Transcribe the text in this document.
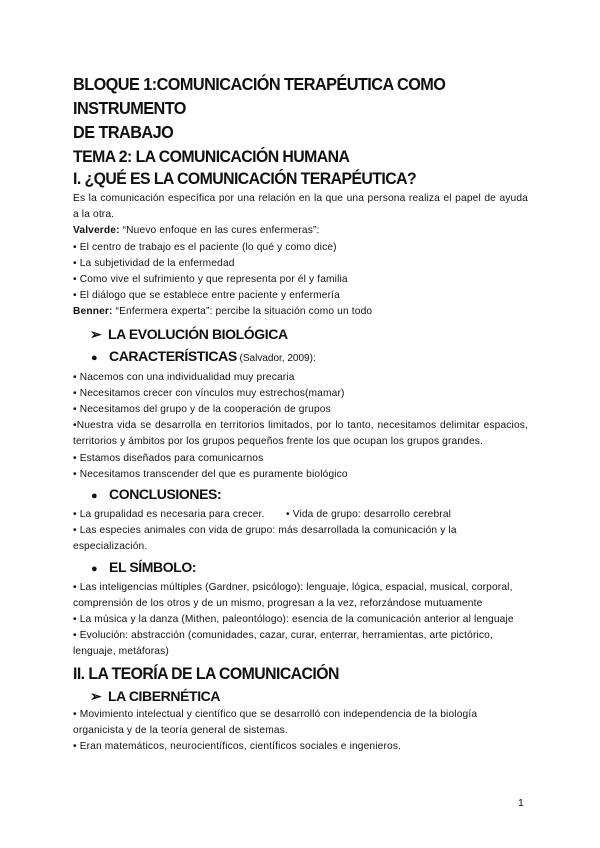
BLOQUE 1:COMUNICACIÓN TERAPÉUTICA COMO INSTRUMENTO
DE TRABAJO
TEMA 2: LA COMUNICACIÓN HUMANA
I. ¿QUÉ ES LA COMUNICACIÓN TERAPÉUTICA?

Es la comunicación específica por una relación en la que una persona realiza el papel de ayuda a la otra.

Valverde: “Nuevo enfoque en las cures enfermeras”:

• El centro de trabajo es el paciente (lo qué y como dice)

• La subjetividad de la enfermedad

• Como vive el sufrimiento y que representa por él y familia

• El diálogo que se establece entre paciente y enfermería

Benner: “Enfermera experta”: percibe la situación como un todo

➢ LA EVOLUCIÓN BIOLÓGICA

● CARACTERÍSTICAS (Salvador, 2009):

• Nacemos con una individualidad muy precaria

• Necesitamos crecer con vínculos muy estrechos(mamar)

• Necesitamos del grupo y de la cooperación de grupos

•Nuestra vida se desarrolla en territorios limitados, por lo tanto, necesitamos delimitar espacios, territorios y ámbitos por los grupos pequeños frente los que ocupan los grupos grandes.

• Estamos diseñados para comunicarnos

• Necesitamos transcender del que es puramente biológico

● CONCLUSIONES:

• La grupalidad es necesaria para crecer. • Vida de grupo: desarrollo cerebral

• Las especies animales con vida de grupo: más desarrollada la comunicación y la especialización.

● EL SÍMBOLO:

• Las inteligencias múltiples (Gardner, psicólogo): lenguaje, lógica, espacial, musical, corporal, comprensión de los otros y de un mismo, progresan a la vez, reforzándose mutuamente

• La música y la danza (Mithen, paleontólogo): esencia de la comunicación anterior al lenguaje

• Evolución: abstracción (comunidades, cazar, curar, enterrar, herramientas, arte pictórico, lenguaje, metáforas)

II. LA TEORÍA DE LA COMUNICACIÓN

➢ LA CIBERNÉTICA

• Movimiento intelectual y científico que se desarrolló con independencia de la biología organicista y de la teoría general de sistemas.

• Eran matemáticos, neurocientíficos, científicos sociales e ingenieros.

1
